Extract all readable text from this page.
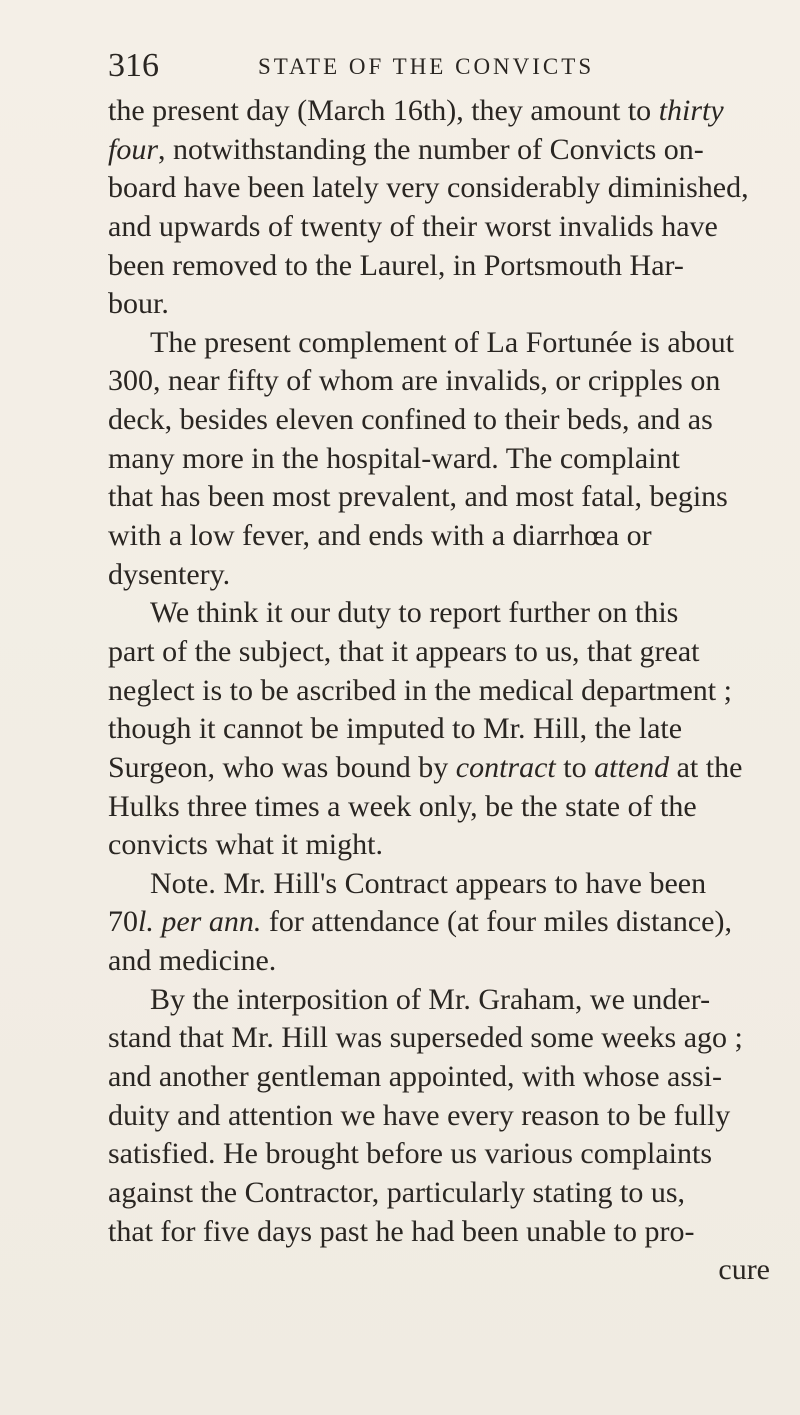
316	STATE OF THE CONVICTS
the present day (March 16th), they amount to thirty
four, notwithstanding the number of Convicts on-
board have been lately very considerably diminished,
and upwards of twenty of their worst invalids have
been removed to the Laurel, in Portsmouth Har-
bour.
The present complement of La Fortunée is about
300, near fifty of whom are invalids, or cripples on
deck, besides eleven confined to their beds, and as
many more in the hospital-ward. The complaint
that has been most prevalent, and most fatal, begins
with a low fever, and ends with a diarrhœa or
dysentery.
We think it our duty to report further on this
part of the subject, that it appears to us, that great
neglect is to be ascribed in the medical department ;
though it cannot be imputed to Mr. Hill, the late
Surgeon, who was bound by contract to attend at the
Hulks three times a week only, be the state of the
convicts what it might.
Note. Mr. Hill's Contract appears to have been
70l. per ann. for attendance (at four miles distance),
and medicine.
By the interposition of Mr. Graham, we under-
stand that Mr. Hill was superseded some weeks ago ;
and another gentleman appointed, with whose assi-
duity and attention we have every reason to be fully
satisfied. He brought before us various complaints
against the Contractor, particularly stating to us,
that for five days past he had been unable to pro-
cure
